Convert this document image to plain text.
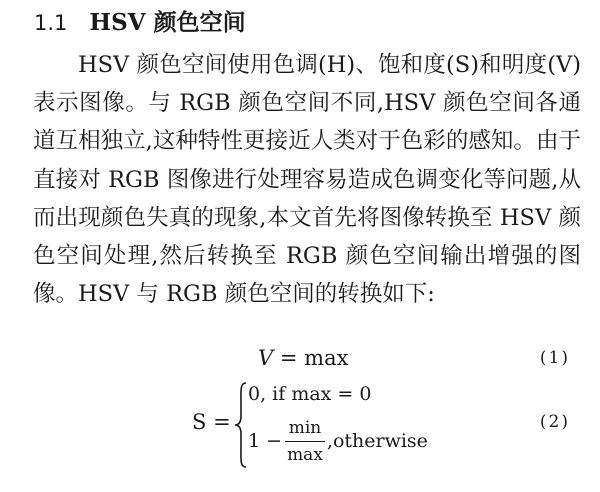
1.1 HSV 颜色空间

HSV 颜色空间使用色调(H)、饱和度(S)和明度(V)表示图像。与 RGB 颜色空间不同,HSV 颜色空间各通道互相独立,这种特性更接近人类对于色彩的感知。由于直接对 RGB 图像进行处理容易造成色调变化等问题,从而出现颜色失真的现象,本文首先将图像转换至 HSV 颜色空间处理,然后转换至 RGB 颜色空间输出增强的图像。HSV 与 RGB 颜色空间的转换如下:

V = max	(1)
S =
0, if max = 0
$1 - \frac{\min}{\max}$ ,otherwise
(2)
